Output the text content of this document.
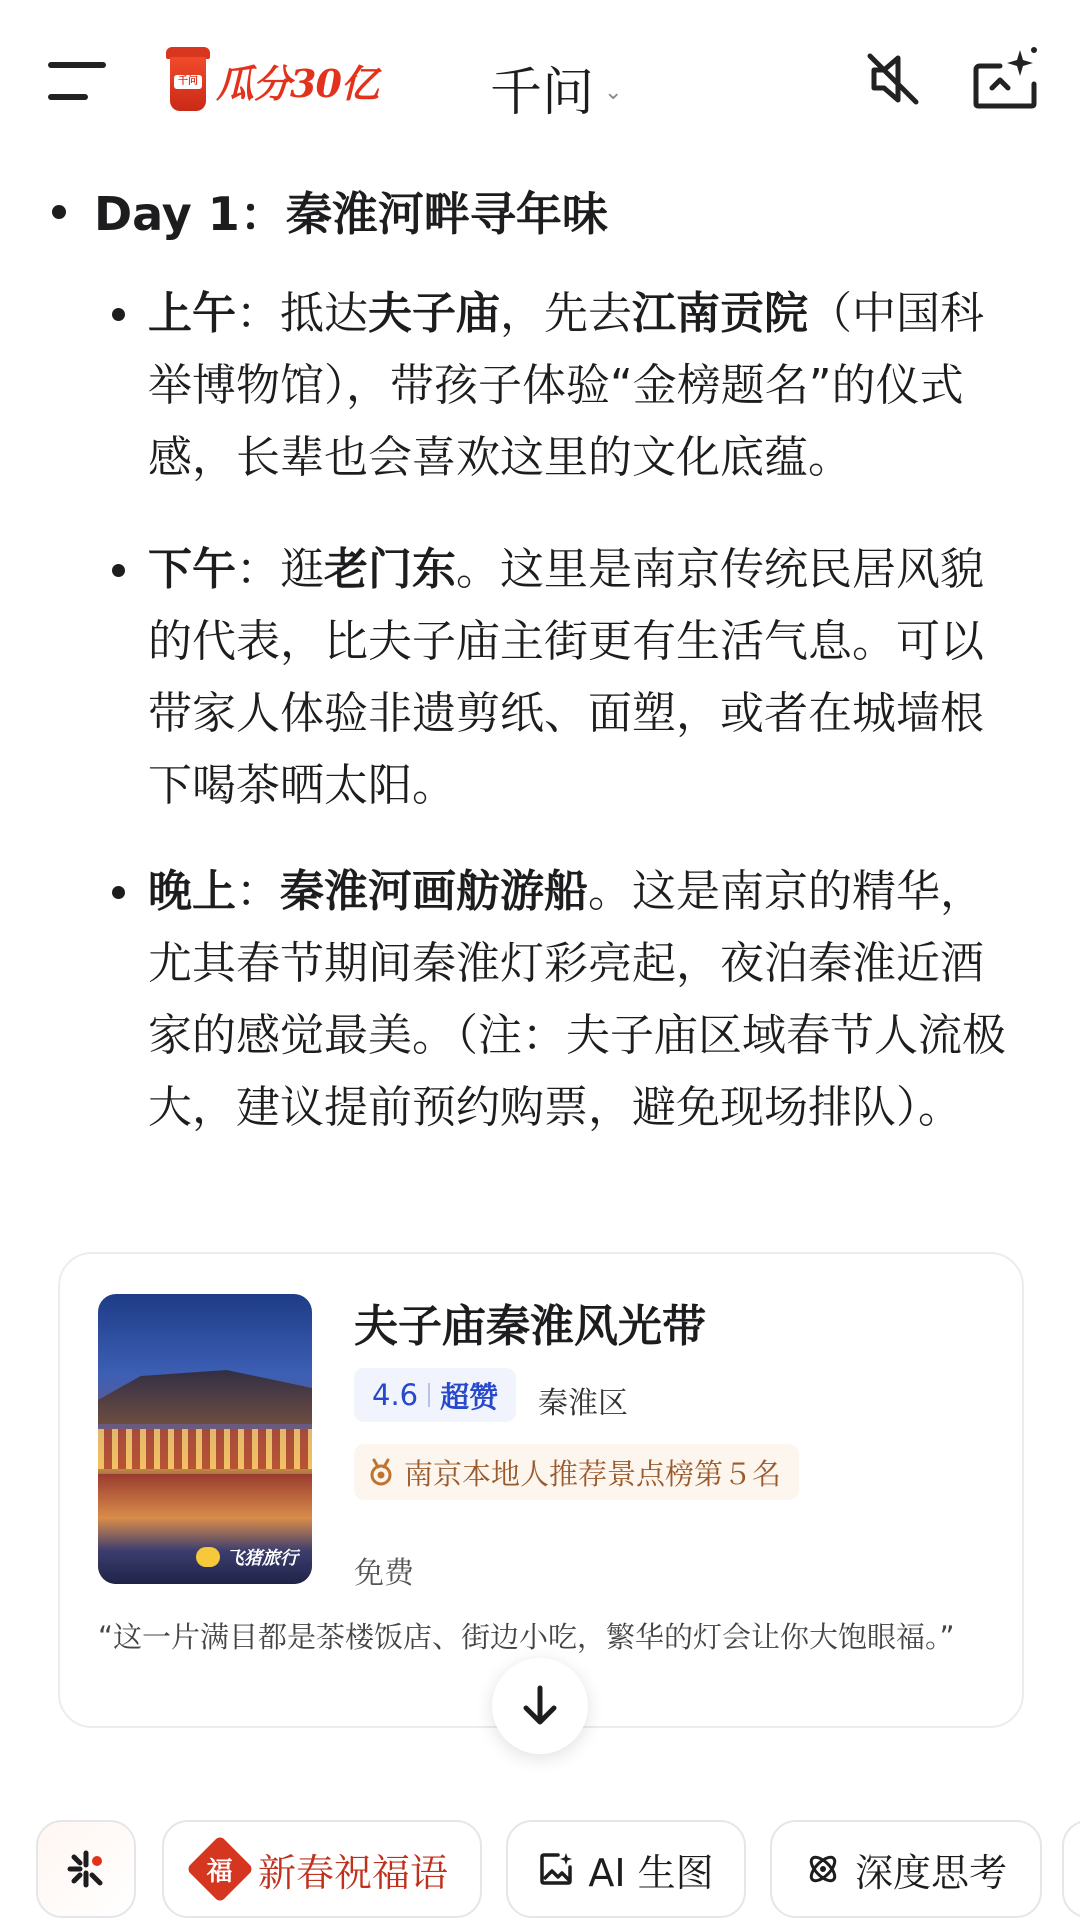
千问 瓜分30亿 千问 ⌄
Day 1：秦淮河畔寻年味
上午：抵达夫子庙，先去江南贡院（中国科举博物馆），带孩子体验“金榜题名”的仪式感，长辈也会喜欢这里的文化底蕴。
下午：逛老门东。这里是南京传统民居风貌的代表，比夫子庙主街更有生活气息。可以带家人体验非遗剪纸、面塑，或者在城墙根下喝茶晒太阳。
晚上：秦淮河画舫游船。这是南京的精华，尤其春节期间秦淮灯彩亮起，夜泊秦淮近酒家的感觉最美。（注：夫子庙区域春节人流极大，建议提前预约购票，避免现场排队）。
飞猪旅行
夫子庙秦淮风光带
4.6 超赞 秦淮区
南京本地人推荐景点榜第５名
免费
“这一片满目都是茶楼饭店、街边小吃，繁华的灯会让你大饱眼福。”
福 新春祝福语	AI 生图	深度思考
